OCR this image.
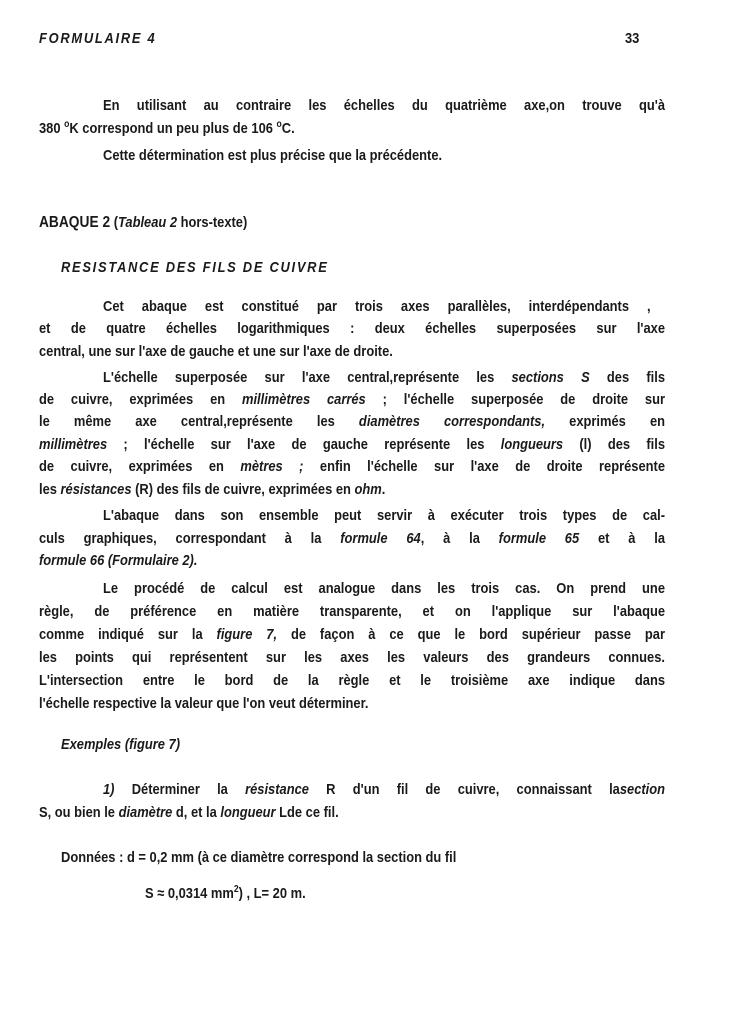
FORMULAIRE 4	33
En utilisant au contraire les échelles du quatrième axe,on trouve qu'à
380 $^o$K correspond un peu plus de 106 $^o$C.
Cette détermination est plus précise que la précédente.
ABAQUE 2 (Tableau 2 hors-texte)
RESISTANCE DES FILS DE CUIVRE
Cet abaque est constitué par trois axes parallèles, interdépendants ,
et de quatre échelles logarithmiques : deux échelles superposées sur l'axe
central, une sur l'axe de gauche et une sur l'axe de droite.
L'échelle superposée sur l'axe central,représente les sections S des fils
de cuivre, exprimées en millimètres carrés ; l'échelle superposée de droite sur
le même axe central,représente les diamètres correspondants, exprimés en
millimètres ; l'échelle sur l'axe de gauche représente les longueurs (l) des fils
de cuivre, exprimées en mètres ; enfin l'échelle sur l'axe de droite représente
les résistances (R) des fils de cuivre, exprimées en ohm.
L'abaque dans son ensemble peut servir à exécuter trois types de cal-
culs graphiques, correspondant à la formule 64, à la formule 65 et à la
formule 66 (Formulaire 2).
Le procédé de calcul est analogue dans les trois cas. On prend une
règle, de préférence en matière transparente, et on l'applique sur l'abaque
comme indiqué sur la figure 7, de façon à ce que le bord supérieur passe par
les points qui représentent sur les axes les valeurs des grandeurs connues.
L'intersection entre le bord de la règle et le troisième axe indique dans
l'échelle respective la valeur que l'on veut déterminer.
Exemples (figure 7)
1) Déterminer la résistance R d'un fil de cuivre, connaissant lasection
S, ou bien le diamètre d, et la longueur Lde ce fil.
Données : d = 0,2 mm (à ce diamètre correspond la section du fil
S ≈ 0,0314 $mm^2$) , L= 20 m.
